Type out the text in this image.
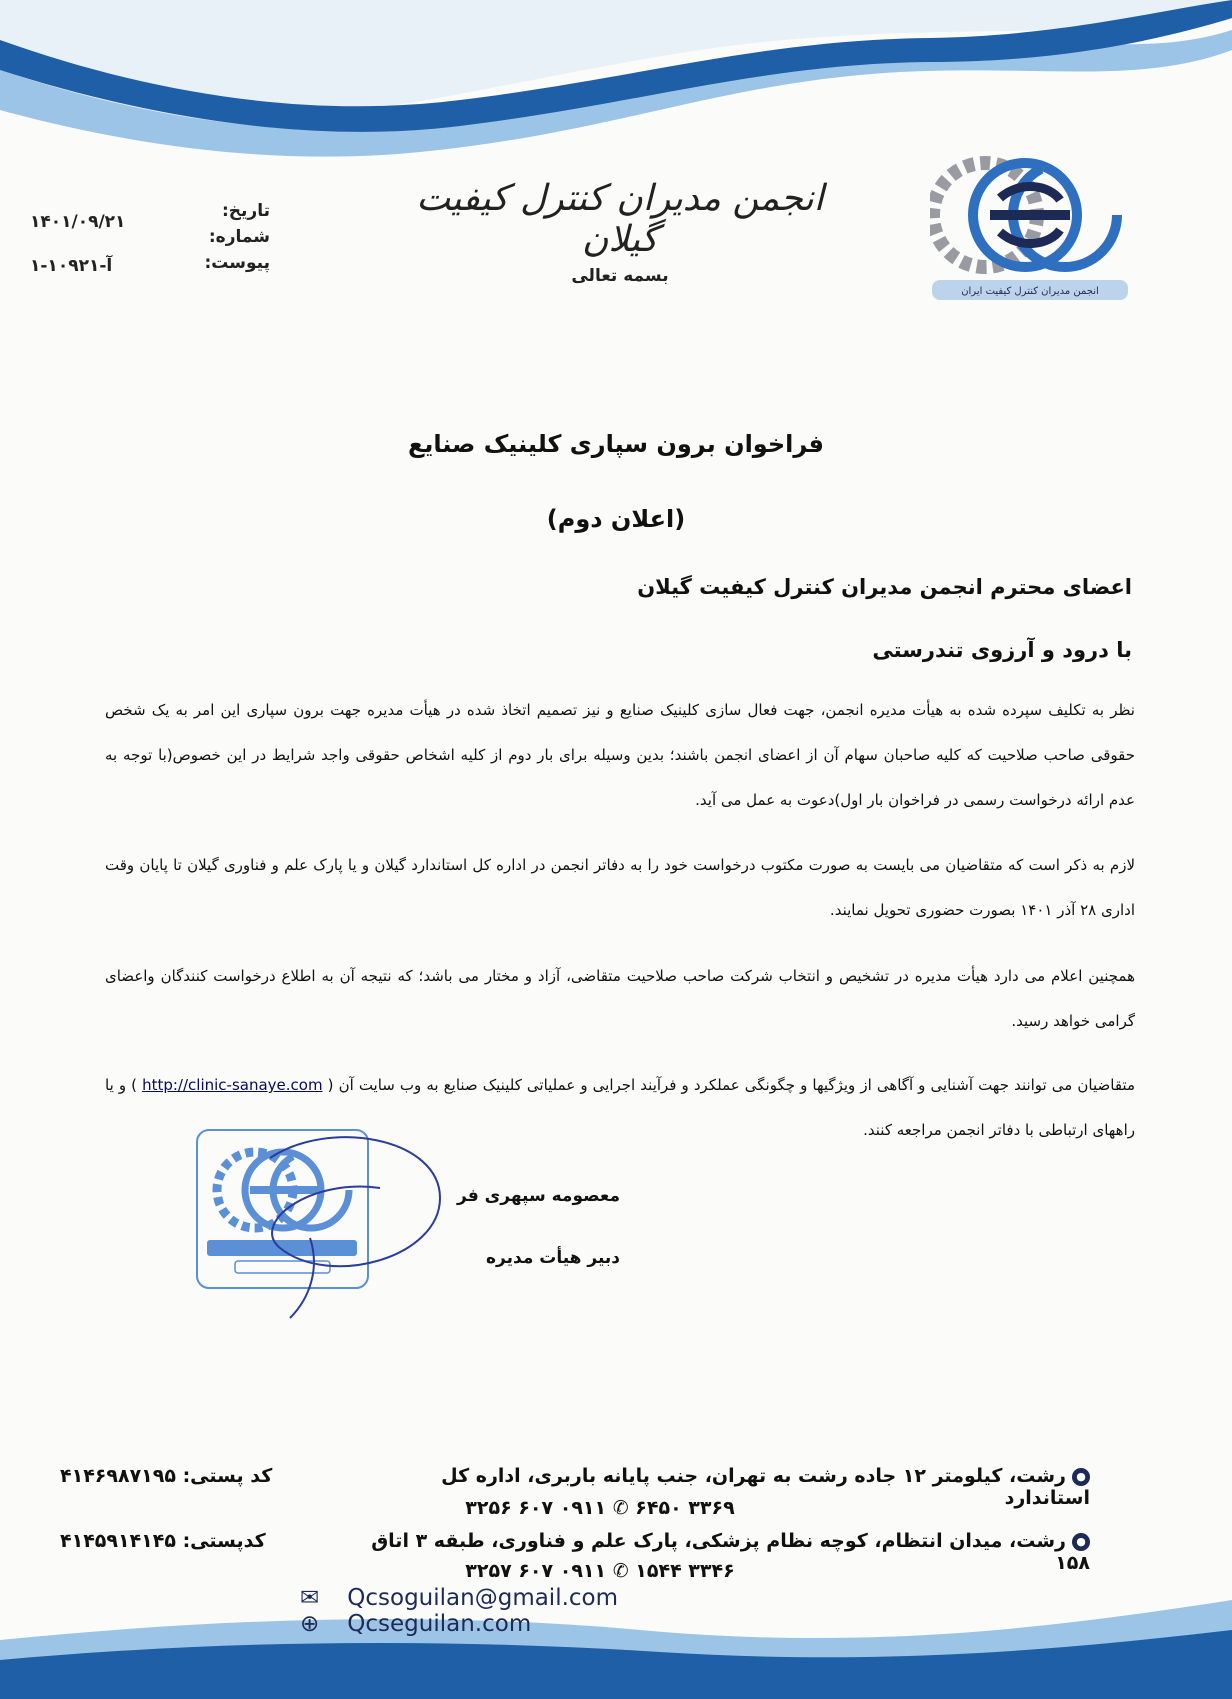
انجمن مدیران کنترل کیفیت ایران
انجمن مدیران کنترل کیفیت گیلان
بسمه تعالی
تاریخ:
شماره:
پیوست:
۱۴۰۱/۰۹/۲۱
۱-۱آ-۰۹۲۱
فراخوان برون سپاری کلینیک صنایع
(اعلان دوم)
اعضای محترم انجمن مدیران کنترل کیفیت گیلان
با درود و آرزوی تندرستی
نظر به تکلیف سپرده شده به هیأت مدیره انجمن، جهت فعال سازی کلینیک صنایع و نیز تصمیم اتخاذ شده در هیأت مدیره جهت برون سپاری این امر به یک شخص حقوقی صاحب صلاحیت که کلیه صاحبان سهام آن از اعضای انجمن باشند؛ بدین وسیله برای بار دوم از کلیه اشخاص حقوقی واجد شرایط در این خصوص(با توجه به عدم ارائه درخواست رسمی در فراخوان بار اول)دعوت به عمل می آید.
لازم به ذکر است که متقاضیان می بایست به صورت مکتوب درخواست خود را به دفاتر انجمن در اداره کل استاندارد گیلان و یا پارک علم و فناوری گیلان تا پایان وقت اداری ۲۸ آذر ۱۴۰۱ بصورت حضوری تحویل نمایند.
همچنین اعلام می دارد هیأت مدیره در تشخیص و انتخاب شرکت صاحب صلاحیت متقاضی، آزاد و مختار می باشد؛ که نتیجه آن به اطلاع درخواست کنندگان واعضای گرامی خواهد رسید.
متقاضیان می توانند جهت آشنایی و آگاهی از ویژگیها و چگونگی عملکرد و فرآیند اجرایی و عملیاتی کلینیک صنایع به وب سایت آن ( http://clinic-sanaye.com ) و یا راههای ارتباطی با دفاتر انجمن مراجعه کنند.
معصومه سپهری فر
دبیر هیأت مدیره
●رشت، کیلومتر ۱۲ جاده رشت به تهران، جنب پایانه باربری، اداره کل استاندارد
کد پستی: ۴۱۴۶۹۸۷۱۹۵
۳۳۶۹ ۶۴۵۰ ✆ ۰۹۱۱ ۶۰۷ ۳۲۵۶
●رشت، میدان انتظام، کوچه نظام پزشکی، پارک علم و فناوری، طبقه ۳ اتاق ۱۵۸
کدپستی: ۴۱۴۵۹۱۴۱۴۵
۳۳۴۶ ۱۵۴۴ ✆ ۰۹۱۱ ۶۰۷ ۳۲۵۷
✉ Qcsoguilan@gmail.com ⊕ Qcseguilan.com
